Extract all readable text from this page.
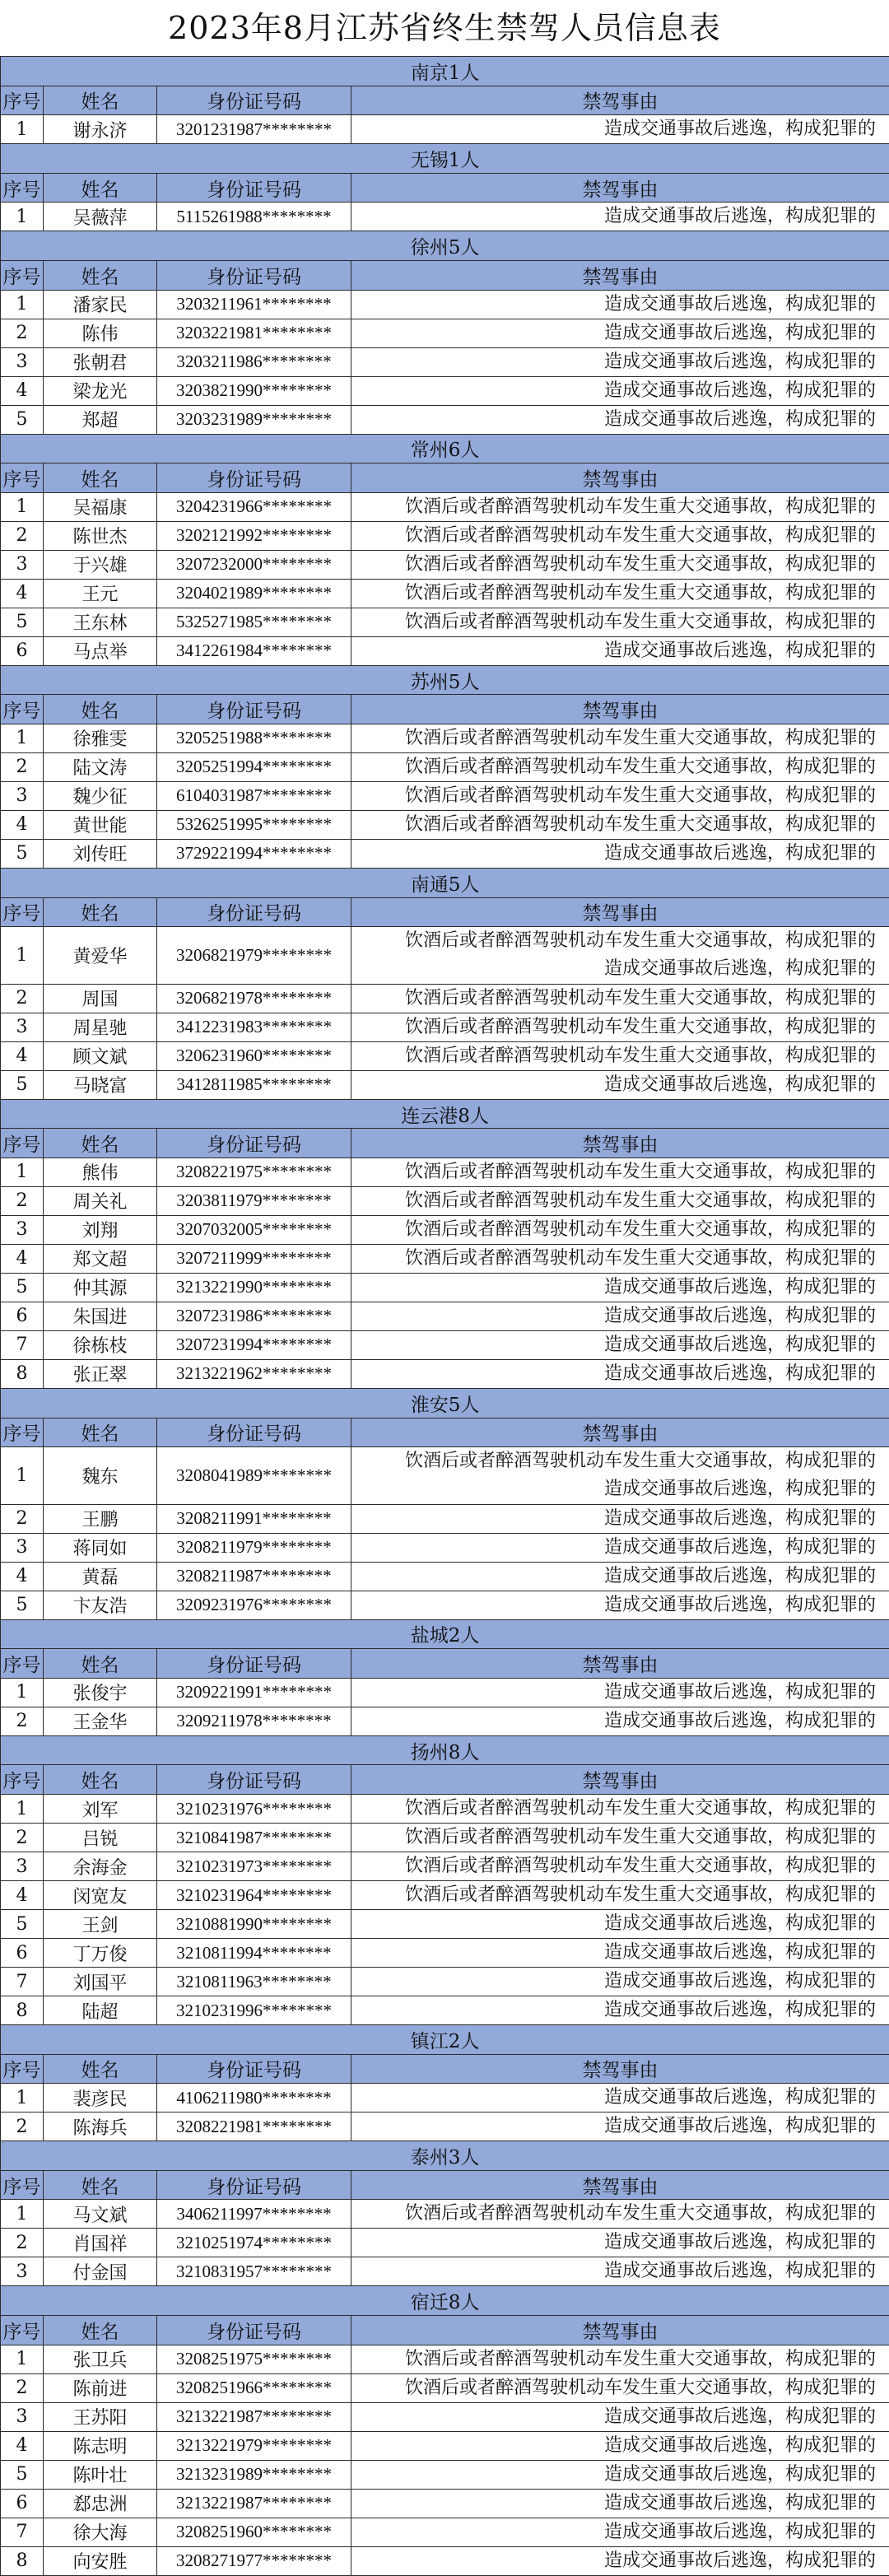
2023年8月江苏省终生禁驾人员信息表
南京1人			
序号	姓名	身份证号码	禁驾事由
1	谢永济	3201231987********	造成交通事故后逃逸，构成犯罪的

无锡1人			
序号	姓名	身份证号码	禁驾事由
1	吴薇萍	5115261988********	造成交通事故后逃逸，构成犯罪的

徐州5人			
序号	姓名	身份证号码	禁驾事由
1	潘家民	3203211961********	造成交通事故后逃逸，构成犯罪的

2	陈伟	3203221981********	造成交通事故后逃逸，构成犯罪的

3	张朝君	3203211986********	造成交通事故后逃逸，构成犯罪的

4	梁龙光	3203821990********	造成交通事故后逃逸，构成犯罪的

5	郑超	3203231989********	造成交通事故后逃逸，构成犯罪的

常州6人			
序号	姓名	身份证号码	禁驾事由
1	吴福康	3204231966********	饮酒后或者醉酒驾驶机动车发生重大交通事故，构成犯罪的

2	陈世杰	3202121992********	饮酒后或者醉酒驾驶机动车发生重大交通事故，构成犯罪的

3	于兴雄	3207232000********	饮酒后或者醉酒驾驶机动车发生重大交通事故，构成犯罪的

4	王元	3204021989********	饮酒后或者醉酒驾驶机动车发生重大交通事故，构成犯罪的

5	王东林	5325271985********	饮酒后或者醉酒驾驶机动车发生重大交通事故，构成犯罪的

6	马点举	3412261984********	造成交通事故后逃逸，构成犯罪的

苏州5人			
序号	姓名	身份证号码	禁驾事由
1	徐雅雯	3205251988********	饮酒后或者醉酒驾驶机动车发生重大交通事故，构成犯罪的

2	陆文涛	3205251994********	饮酒后或者醉酒驾驶机动车发生重大交通事故，构成犯罪的

3	魏少征	6104031987********	饮酒后或者醉酒驾驶机动车发生重大交通事故，构成犯罪的

4	黄世能	5326251995********	饮酒后或者醉酒驾驶机动车发生重大交通事故，构成犯罪的

5	刘传旺	3729221994********	造成交通事故后逃逸，构成犯罪的

南通5人			
序号	姓名	身份证号码	禁驾事由
1	黄爱华	3206821979********	饮酒后或者醉酒驾驶机动车发生重大交通事故，构成犯罪的
造成交通事故后逃逸，构成犯罪的

2	周国	3206821978********	饮酒后或者醉酒驾驶机动车发生重大交通事故，构成犯罪的

3	周星驰	3412231983********	饮酒后或者醉酒驾驶机动车发生重大交通事故，构成犯罪的

4	顾文斌	3206231960********	饮酒后或者醉酒驾驶机动车发生重大交通事故，构成犯罪的

5	马晓富	3412811985********	造成交通事故后逃逸，构成犯罪的

连云港8人			
序号	姓名	身份证号码	禁驾事由
1	熊伟	3208221975********	饮酒后或者醉酒驾驶机动车发生重大交通事故，构成犯罪的

2	周关礼	3203811979********	饮酒后或者醉酒驾驶机动车发生重大交通事故，构成犯罪的

3	刘翔	3207032005********	饮酒后或者醉酒驾驶机动车发生重大交通事故，构成犯罪的

4	郑文超	3207211999********	饮酒后或者醉酒驾驶机动车发生重大交通事故，构成犯罪的

5	仲其源	3213221990********	造成交通事故后逃逸，构成犯罪的

6	朱国进	3207231986********	造成交通事故后逃逸，构成犯罪的

7	徐栋枝	3207231994********	造成交通事故后逃逸，构成犯罪的

8	张正翠	3213221962********	造成交通事故后逃逸，构成犯罪的

淮安5人			
序号	姓名	身份证号码	禁驾事由
1	魏东	3208041989********	饮酒后或者醉酒驾驶机动车发生重大交通事故，构成犯罪的
造成交通事故后逃逸，构成犯罪的

2	王鹏	3208211991********	造成交通事故后逃逸，构成犯罪的

3	蒋同如	3208211979********	造成交通事故后逃逸，构成犯罪的

4	黄磊	3208211987********	造成交通事故后逃逸，构成犯罪的

5	卞友浩	3209231976********	造成交通事故后逃逸，构成犯罪的

盐城2人			
序号	姓名	身份证号码	禁驾事由
1	张俊宇	3209221991********	造成交通事故后逃逸，构成犯罪的

2	王金华	3209211978********	造成交通事故后逃逸，构成犯罪的

扬州8人			
序号	姓名	身份证号码	禁驾事由
1	刘军	3210231976********	饮酒后或者醉酒驾驶机动车发生重大交通事故，构成犯罪的

2	吕锐	3210841987********	饮酒后或者醉酒驾驶机动车发生重大交通事故，构成犯罪的

3	余海金	3210231973********	饮酒后或者醉酒驾驶机动车发生重大交通事故，构成犯罪的

4	闵宽友	3210231964********	饮酒后或者醉酒驾驶机动车发生重大交通事故，构成犯罪的

5	王剑	3210881990********	造成交通事故后逃逸，构成犯罪的

6	丁万俊	3210811994********	造成交通事故后逃逸，构成犯罪的

7	刘国平	3210811963********	造成交通事故后逃逸，构成犯罪的

8	陆超	3210231996********	造成交通事故后逃逸，构成犯罪的

镇江2人			
序号	姓名	身份证号码	禁驾事由
1	裴彦民	4106211980********	造成交通事故后逃逸，构成犯罪的

2	陈海兵	3208221981********	造成交通事故后逃逸，构成犯罪的

泰州3人			
序号	姓名	身份证号码	禁驾事由
1	马文斌	3406211997********	饮酒后或者醉酒驾驶机动车发生重大交通事故，构成犯罪的

2	肖国祥	3210251974********	造成交通事故后逃逸，构成犯罪的

3	付金国	3210831957********	造成交通事故后逃逸，构成犯罪的

宿迁8人			
序号	姓名	身份证号码	禁驾事由
1	张卫兵	3208251975********	饮酒后或者醉酒驾驶机动车发生重大交通事故，构成犯罪的

2	陈前进	3208251966********	饮酒后或者醉酒驾驶机动车发生重大交通事故，构成犯罪的

3	王苏阳	3213221987********	造成交通事故后逃逸，构成犯罪的

4	陈志明	3213221979********	造成交通事故后逃逸，构成犯罪的

5	陈叶壮	3213231989********	造成交通事故后逃逸，构成犯罪的

6	郄忠洲	3213221987********	造成交通事故后逃逸，构成犯罪的

7	徐大海	3208251960********	造成交通事故后逃逸，构成犯罪的

8	向安胜	3208271977********	造成交通事故后逃逸，构成犯罪的
